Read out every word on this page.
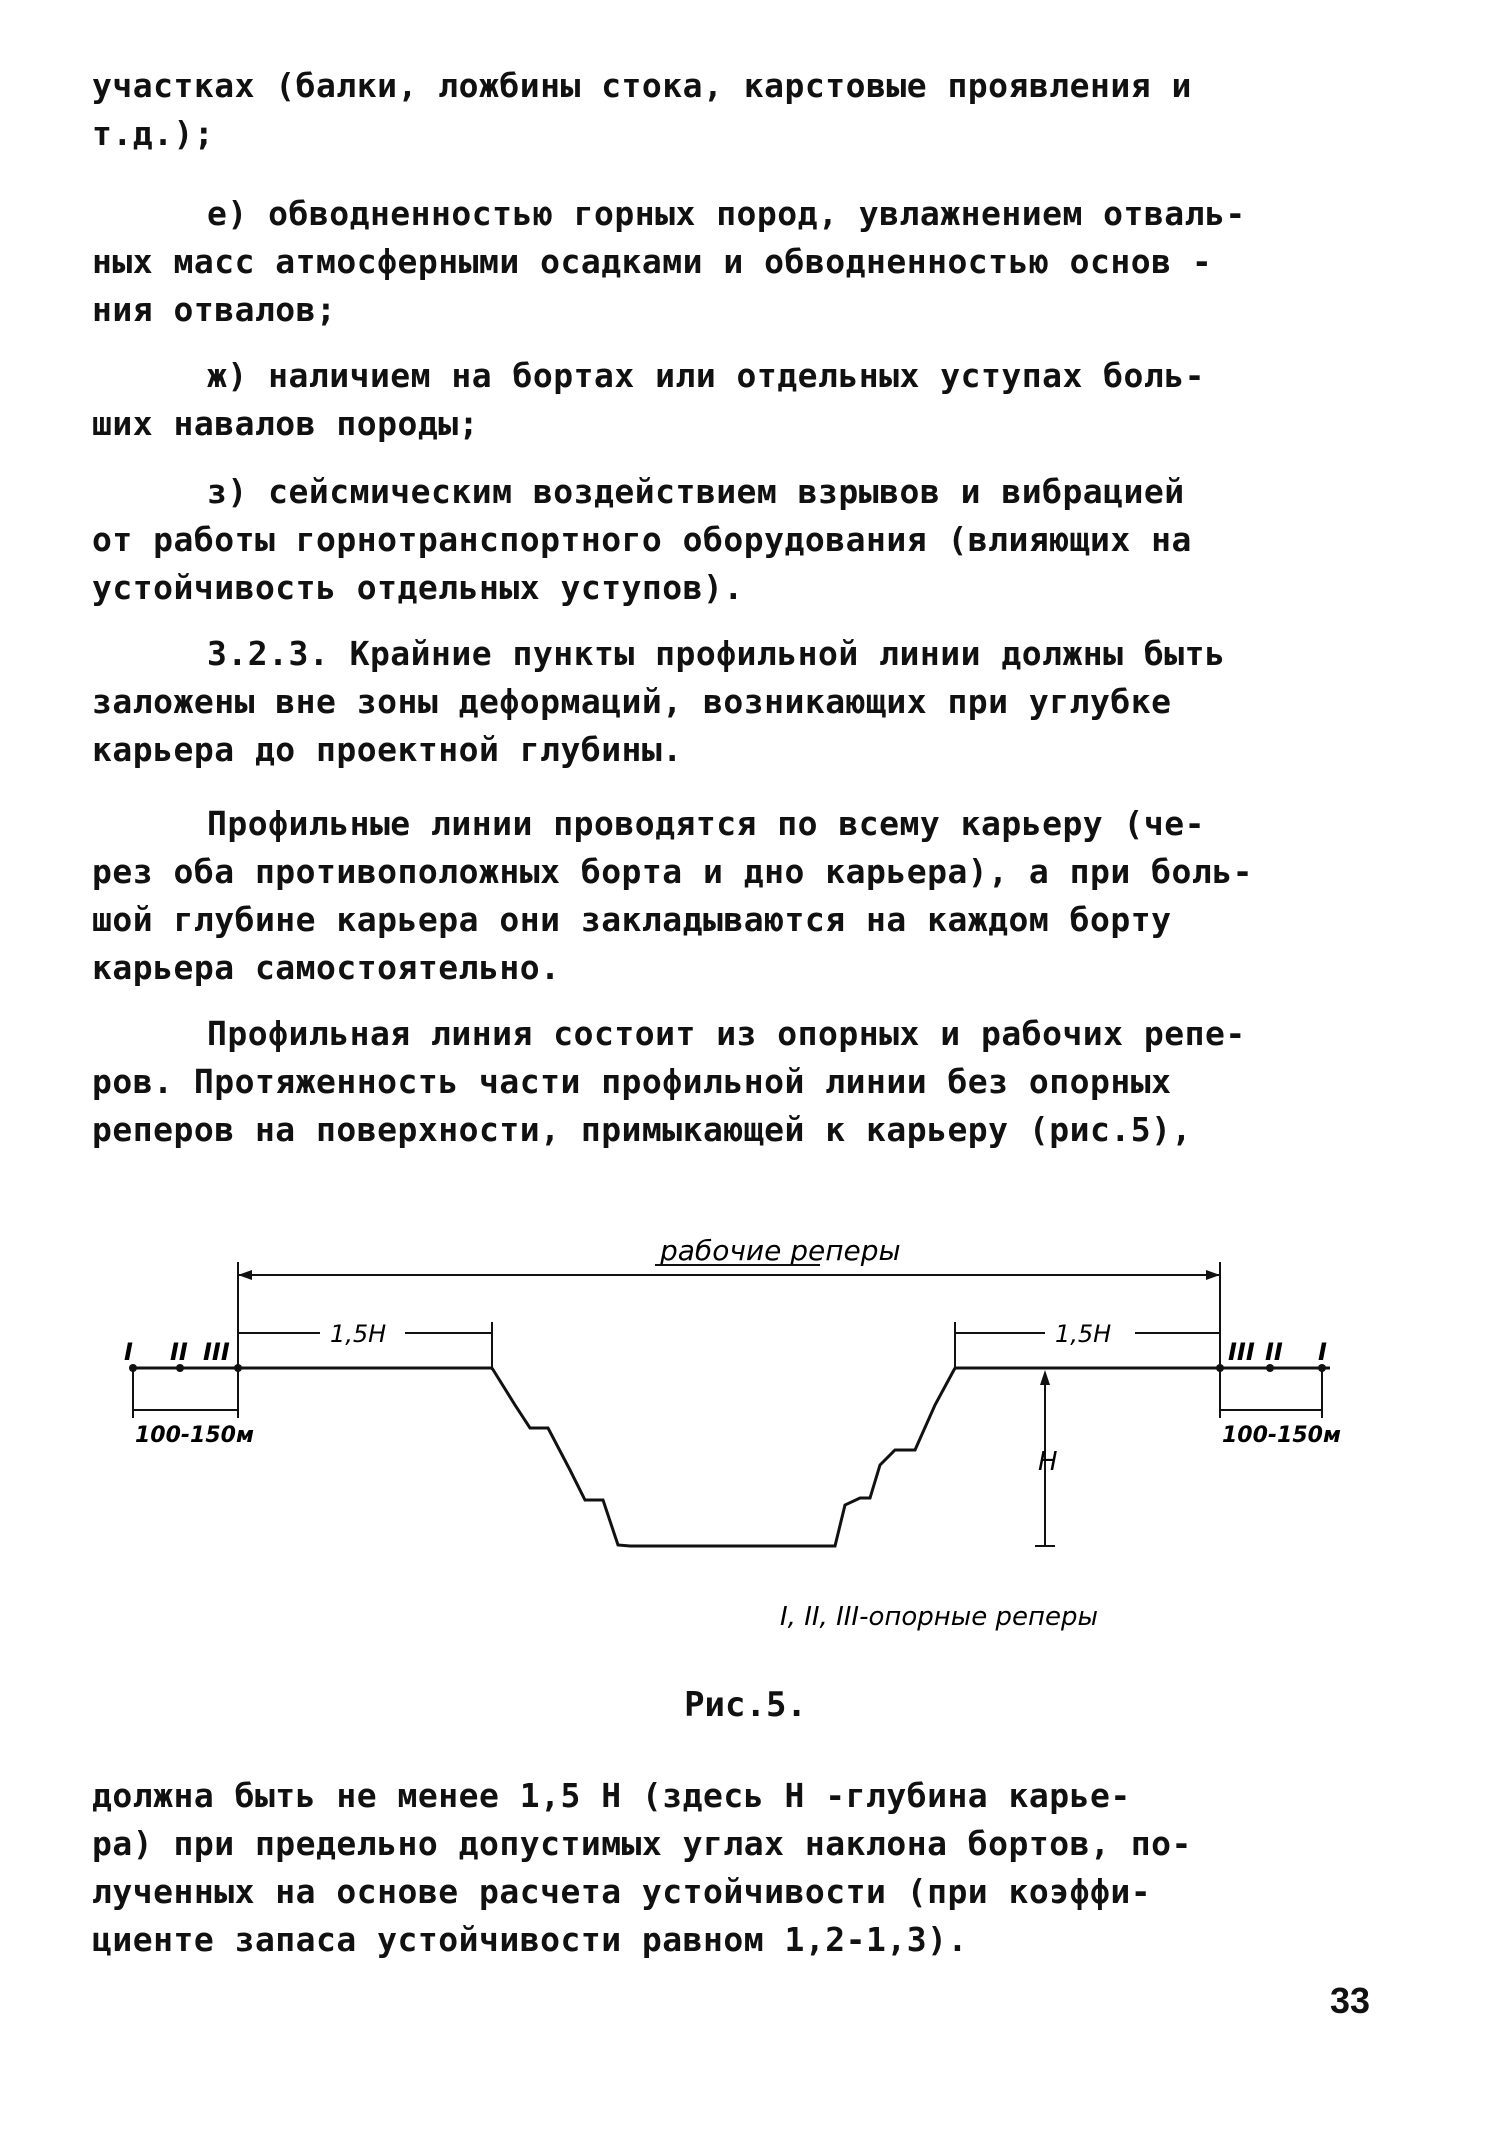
участках (балки, ложбины стока, карстовые проявления и
т.д.);

е) обводненностью горных пород, увлажнением отваль-
ных масс атмосферными осадками и обводненностью основ -
ния отвалов;

ж) наличием на бортах или отдельных уступах боль-
ших навалов породы;

з) сейсмическим воздействием взрывов и вибрацией
от работы горнотранспортного оборудования (влияющих на
устойчивость отдельных уступов).

3.2.3. Крайние пункты профильной линии должны быть
заложены вне зоны деформаций, возникающих при углубке
карьера до проектной глубины.

Профильные линии проводятся по всему карьеру (че-
рез оба противоположных борта и дно карьера), а при боль-
шой глубине карьера они закладываются на каждом борту
карьера самостоятельно.

Профильная линия состоит из опорных и рабочих репе-
ров. Протяженность части профильной линии без опорных
реперов на поверхности, примыкающей к карьеру (рис.5),

рабочие реперы
1,5Н	1,5Н
100-150м	100-150м
Н
I II III	III II I
I, II, III-опорные реперы
Рис.5.

должна быть не менее 1,5 Н (здесь Н -глубина карье-
ра) при предельно допустимых углах наклона бортов, по-
лученных на основе расчета устойчивости (при коэффи-
циенте запаса устойчивости равном 1,2-1,3).

33
